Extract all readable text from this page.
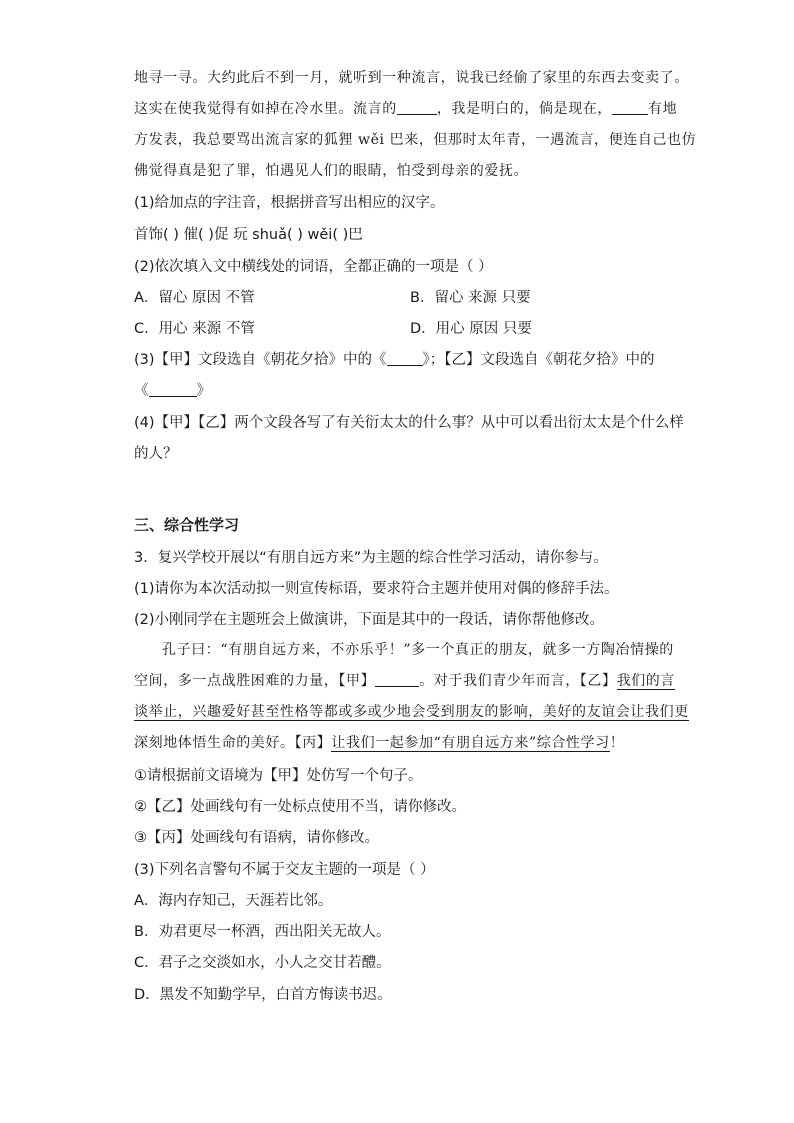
地寻一寻。大约此后不到一月，就听到一种流言，说我已经偷了家里的东西去变卖了。
这实在使我觉得有如掉在冷水里。流言的	，我是明白的，倘是现在，	有地
方发表，我总要骂出流言家的狐狸 wěi 巴来，但那时太年青，一遇流言，便连自己也仿
佛觉得真是犯了罪，怕遇见人们的眼睛，怕受到母亲的爱抚。
(1)给加点的字注音，根据拼音写出相应的汉字。
首饰( ) 催( )促 玩 shuǎ( ) wěi( )巴
(2)依次填入文中横线处的词语，全都正确的一项是（ ）
A．留心 原因 不管	B．留心 来源 只要
C．用心 来源 不管	D．用心 原因 只要
(3)【甲】文段选自《朝花夕拾》中的《 》；【乙】文段选自《朝花夕拾》中的
《	》
(4)【甲】【乙】两个文段各写了有关衍太太的什么事？从中可以看出衍太太是个什么样
的人？
三、综合性学习
3．复兴学校开展以“有朋自远方来”为主题的综合性学习活动，请你参与。
(1)请你为本次活动拟一则宣传标语，要求符合主题并使用对偶的修辞手法。
(2)小刚同学在主题班会上做演讲，下面是其中的一段话，请你帮他修改。
孔子曰：“有朋自远方来，不亦乐乎！”多一个真正的朋友，就多一方陶冶情操的
空间，多一点战胜困难的力量，【甲】	。对于我们青少年而言，【乙】我们的言
谈举止，兴趣爱好甚至性格等都或多或少地会受到朋友的影响，美好的友谊会让我们更
深刻地体悟生命的美好。【丙】让我们一起参加“有朋自远方来”综合性学习！
①请根据前文语境为【甲】处仿写一个句子。
②【乙】处画线句有一处标点使用不当，请你修改。
③【丙】处画线句有语病，请你修改。
(3)下列名言警句不属于交友主题的一项是（ ）
A．海内存知己，天涯若比邻。
B．劝君更尽一杯酒，西出阳关无故人。
C．君子之交淡如水，小人之交甘若醴。
D．黑发不知勤学早，白首方悔读书迟。
